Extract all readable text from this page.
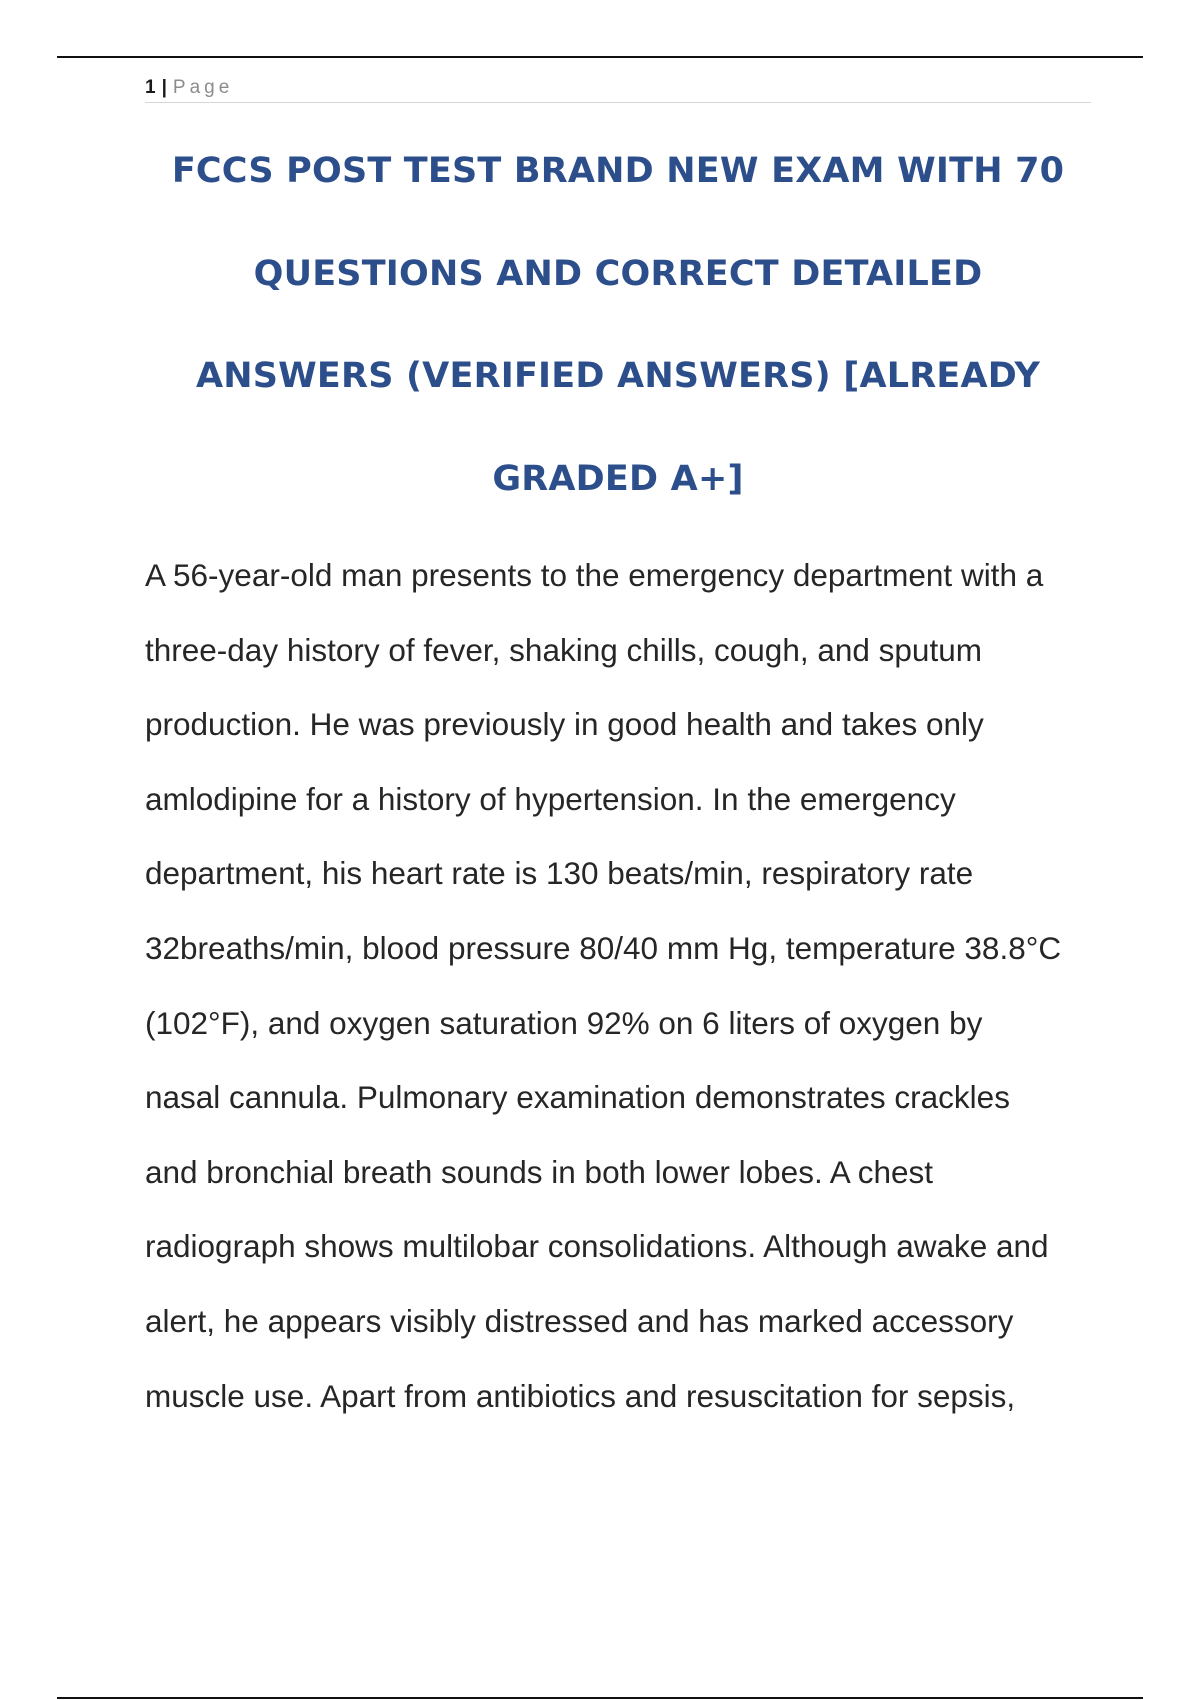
1 | Page
FCCS POST TEST BRAND NEW EXAM WITH 70
QUESTIONS AND CORRECT DETAILED
ANSWERS (VERIFIED ANSWERS) [ALREADY
GRADED A+]

A 56-year-old man presents to the emergency department with a
three-day history of fever, shaking chills, cough, and sputum
production. He was previously in good health and takes only
amlodipine for a history of hypertension. In the emergency
department, his heart rate is 130 beats/min, respiratory rate
32breaths/min, blood pressure 80/40 mm Hg, temperature 38.8°C
(102°F), and oxygen saturation 92% on 6 liters of oxygen by
nasal cannula. Pulmonary examination demonstrates crackles
and bronchial breath sounds in both lower lobes. A chest
radiograph shows multilobar consolidations. Although awake and
alert, he appears visibly distressed and has marked accessory
muscle use. Apart from antibiotics and resuscitation for sepsis,
